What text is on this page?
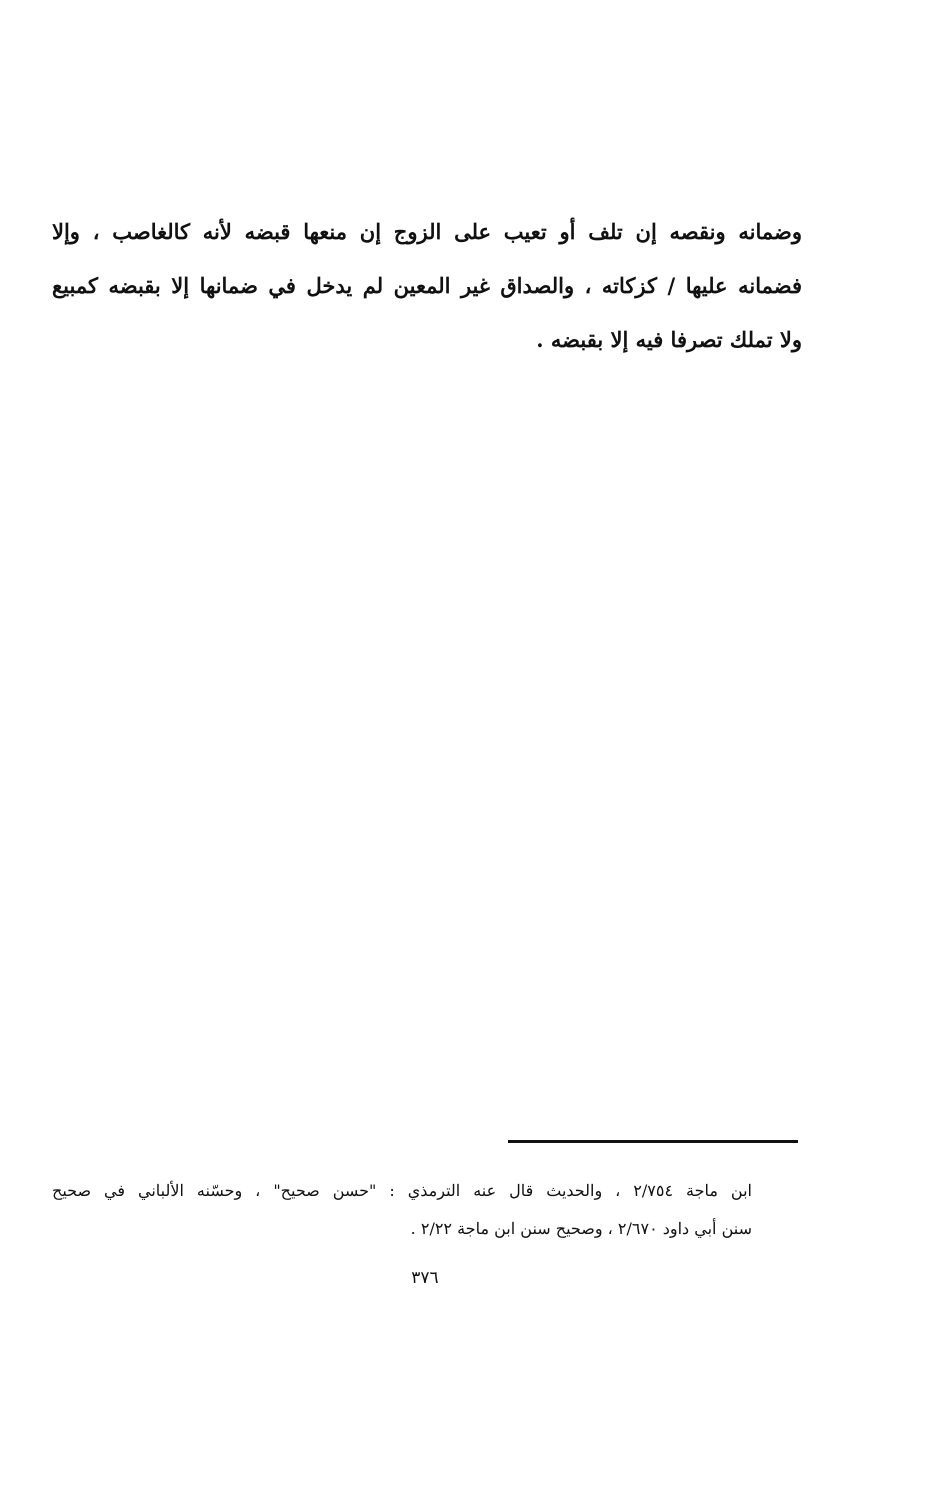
وضمانه ونقصه إن تلف أو تعيب على الزوج إن منعها قبضه لأنه كالغاصب ، وإلا
فضمانه عليها / كزكاته ، والصداق غير المعين لم يدخل في ضمانها إلا بقبضه كمبيع
ولا تملك تصرفا فيه إلا بقبضه .
ابن ماجة ٢/٧٥٤ ، والحديث قال عنه الترمذي : "حسن صحيح" ، وحسّنه الألباني في صحيح
سنن أبي داود ٢/٦٧٠ ، وصحيح سنن ابن ماجة ٢/٢٢ .
٣٧٦
